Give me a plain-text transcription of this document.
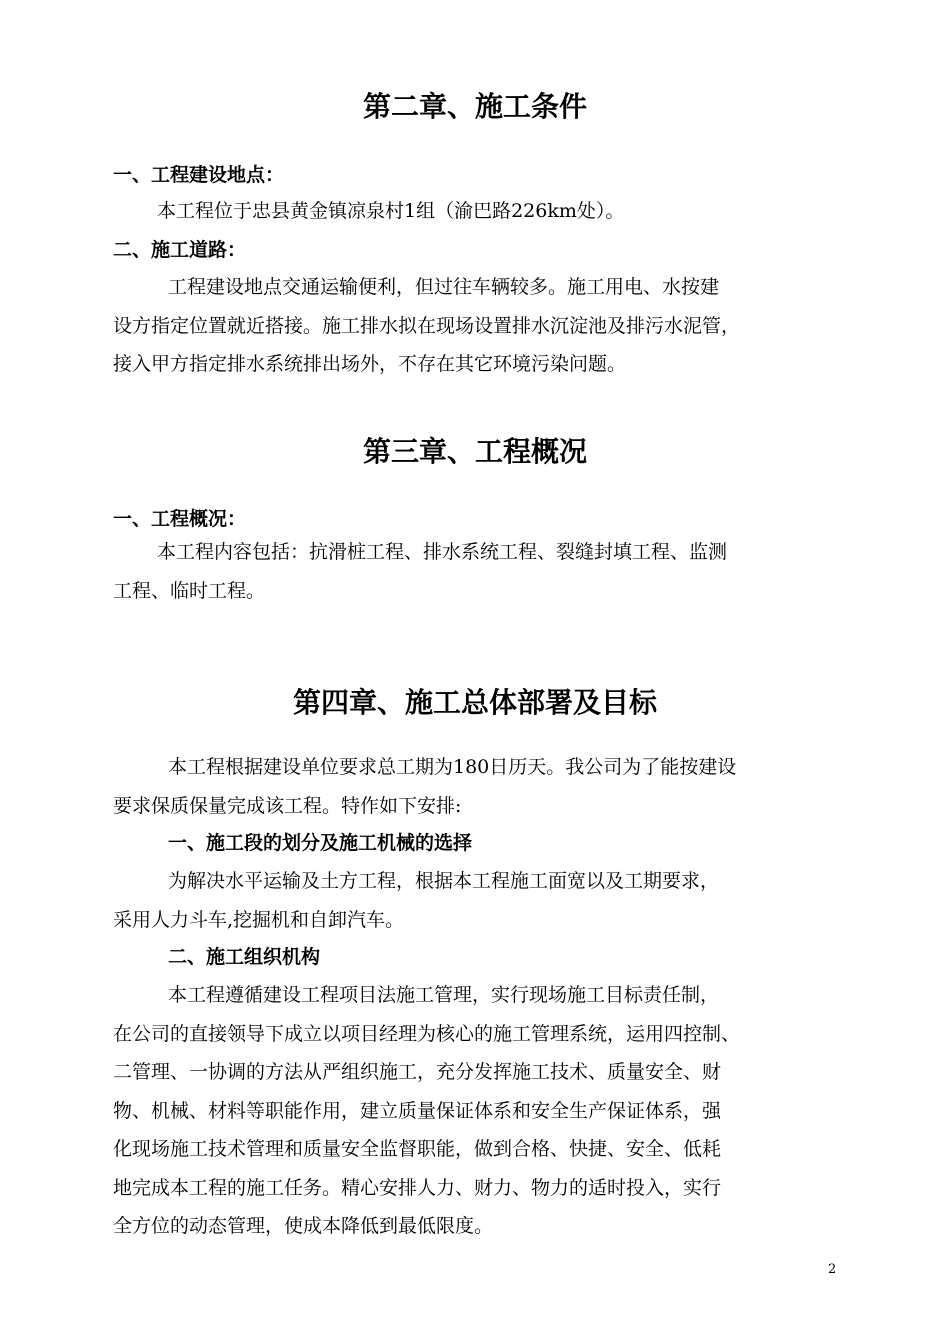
第二章、施工条件
一、工程建设地点：

本工程位于忠县黄金镇凉泉村1组（渝巴路226km处）。

二、施工道路：

工程建设地点交通运输便利，但过往车辆较多。施工用电、水按建
设方指定位置就近搭接。施工排水拟在现场设置排水沉淀池及排污水泥管，
接入甲方指定排水系统排出场外，不存在其它环境污染问题。

第三章、工程概况
一、工程概况：

本工程内容包括：抗滑桩工程、排水系统工程、裂缝封填工程、监测
工程、临时工程。

第四章、施工总体部署及目标

本工程根据建设单位要求总工期为180日历天。我公司为了能按建设
要求保质保量完成该工程。特作如下安排:

一、施工段的划分及施工机械的选择

为解决水平运输及土方工程，根据本工程施工面宽以及工期要求，
采用人力斗车,挖掘机和自卸汽车。

二、施工组织机构

本工程遵循建设工程项目法施工管理，实行现场施工目标责任制，
在公司的直接领导下成立以项目经理为核心的施工管理系统，运用四控制、
二管理、一协调的方法从严组织施工，充分发挥施工技术、质量安全、财
物、机械、材料等职能作用，建立质量保证体系和安全生产保证体系，强
化现场施工技术管理和质量安全监督职能，做到合格、快捷、安全、低耗
地完成本工程的施工任务。精心安排人力、财力、物力的适时投入，实行
全方位的动态管理，使成本降低到最低限度。

2
